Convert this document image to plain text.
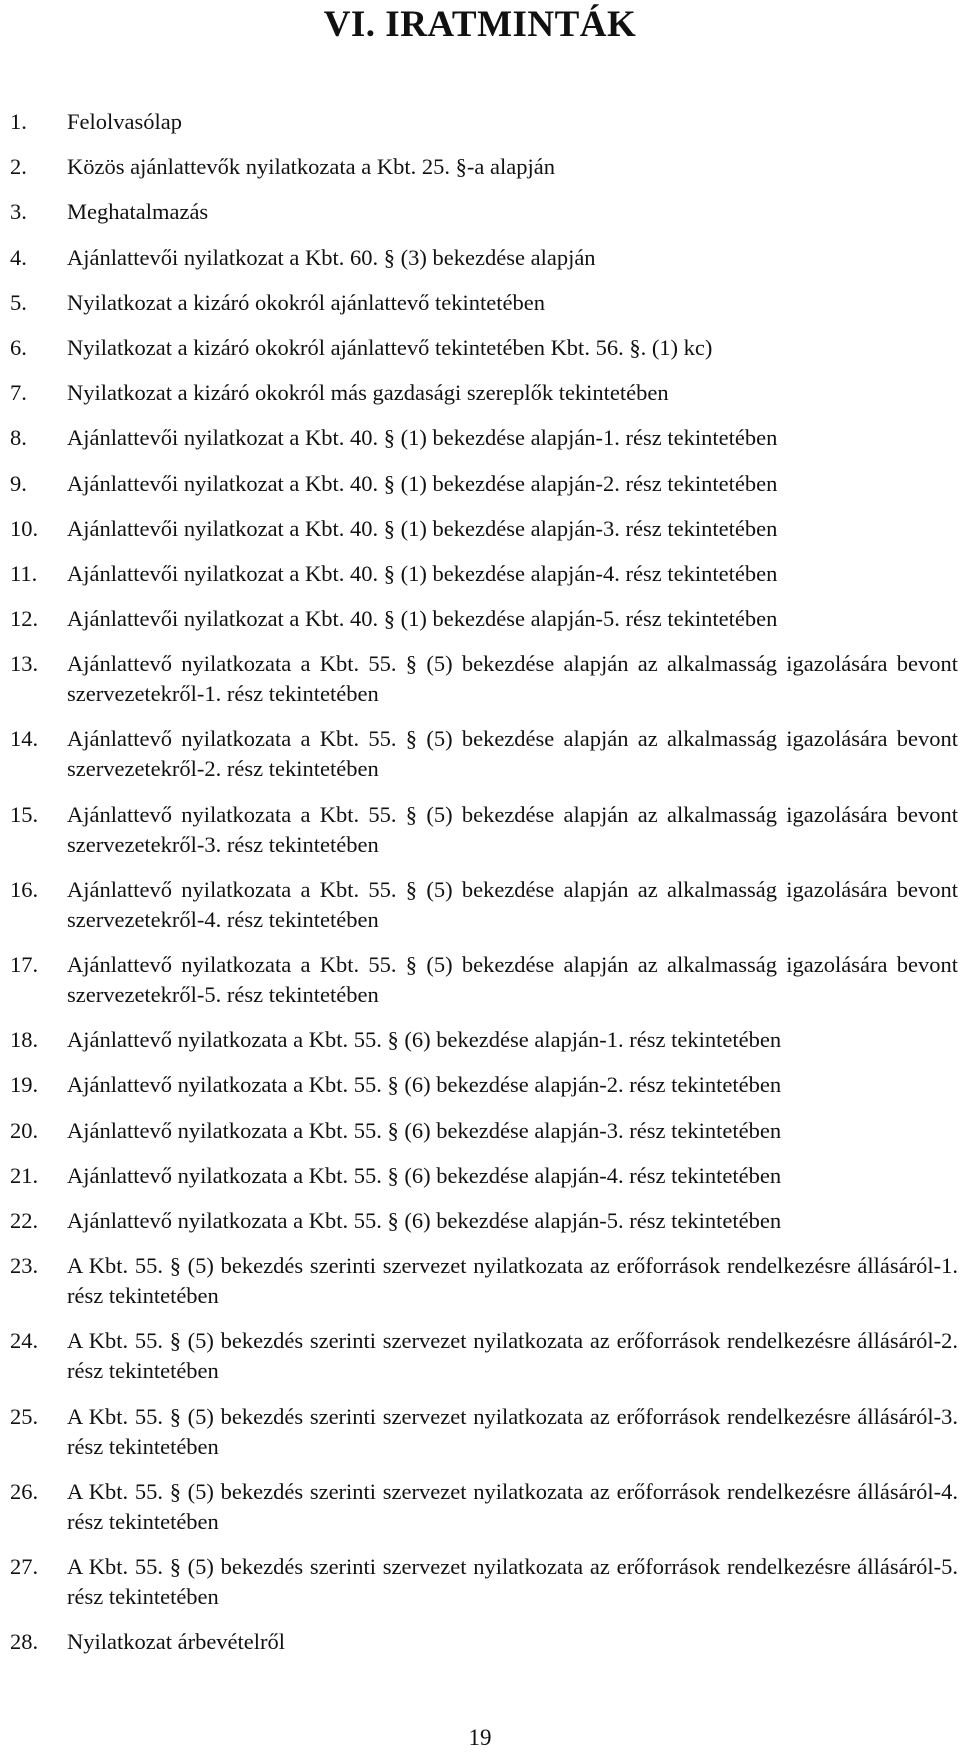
VI. IRATMINTÁK
1.	Felolvasólap
2.	Közös ajánlattevők nyilatkozata a Kbt. 25. §-a alapján
3.	Meghatalmazás
4.	Ajánlattevői nyilatkozat a Kbt. 60. § (3) bekezdése alapján
5.	Nyilatkozat a kizáró okokról ajánlattevő tekintetében
6.	Nyilatkozat a kizáró okokról ajánlattevő tekintetében Kbt. 56. §. (1) kc)
7.	Nyilatkozat a kizáró okokról más gazdasági szereplők tekintetében
8.	Ajánlattevői nyilatkozat a Kbt. 40. § (1) bekezdése alapján-1. rész tekintetében
9.	Ajánlattevői nyilatkozat a Kbt. 40. § (1) bekezdése alapján-2. rész tekintetében
10.	Ajánlattevői nyilatkozat a Kbt. 40. § (1) bekezdése alapján-3. rész tekintetében
11.	Ajánlattevői nyilatkozat a Kbt. 40. § (1) bekezdése alapján-4. rész tekintetében
12.	Ajánlattevői nyilatkozat a Kbt. 40. § (1) bekezdése alapján-5. rész tekintetében
13.	Ajánlattevő nyilatkozata a Kbt. 55. § (5) bekezdése alapján az alkalmasság igazolására bevont szervezetekről-1. rész tekintetében
14.	Ajánlattevő nyilatkozata a Kbt. 55. § (5) bekezdése alapján az alkalmasság igazolására bevont szervezetekről-2. rész tekintetében
15.	Ajánlattevő nyilatkozata a Kbt. 55. § (5) bekezdése alapján az alkalmasság igazolására bevont szervezetekről-3. rész tekintetében
16.	Ajánlattevő nyilatkozata a Kbt. 55. § (5) bekezdése alapján az alkalmasság igazolására bevont szervezetekről-4. rész tekintetében
17.	Ajánlattevő nyilatkozata a Kbt. 55. § (5) bekezdése alapján az alkalmasság igazolására bevont szervezetekről-5. rész tekintetében
18.	Ajánlattevő nyilatkozata a Kbt. 55. § (6) bekezdése alapján-1. rész tekintetében
19.	Ajánlattevő nyilatkozata a Kbt. 55. § (6) bekezdése alapján-2. rész tekintetében
20.	Ajánlattevő nyilatkozata a Kbt. 55. § (6) bekezdése alapján-3. rész tekintetében
21.	Ajánlattevő nyilatkozata a Kbt. 55. § (6) bekezdése alapján-4. rész tekintetében
22.	Ajánlattevő nyilatkozata a Kbt. 55. § (6) bekezdése alapján-5. rész tekintetében
23.	A Kbt. 55. § (5) bekezdés szerinti szervezet nyilatkozata az erőforrások rendelkezésre állásáról-1. rész tekintetében
24.	A Kbt. 55. § (5) bekezdés szerinti szervezet nyilatkozata az erőforrások rendelkezésre állásáról-2. rész tekintetében
25.	A Kbt. 55. § (5) bekezdés szerinti szervezet nyilatkozata az erőforrások rendelkezésre állásáról-3. rész tekintetében
26.	A Kbt. 55. § (5) bekezdés szerinti szervezet nyilatkozata az erőforrások rendelkezésre állásáról-4. rész tekintetében
27.	A Kbt. 55. § (5) bekezdés szerinti szervezet nyilatkozata az erőforrások rendelkezésre állásáról-5. rész tekintetében
28.	Nyilatkozat árbevételről
19
